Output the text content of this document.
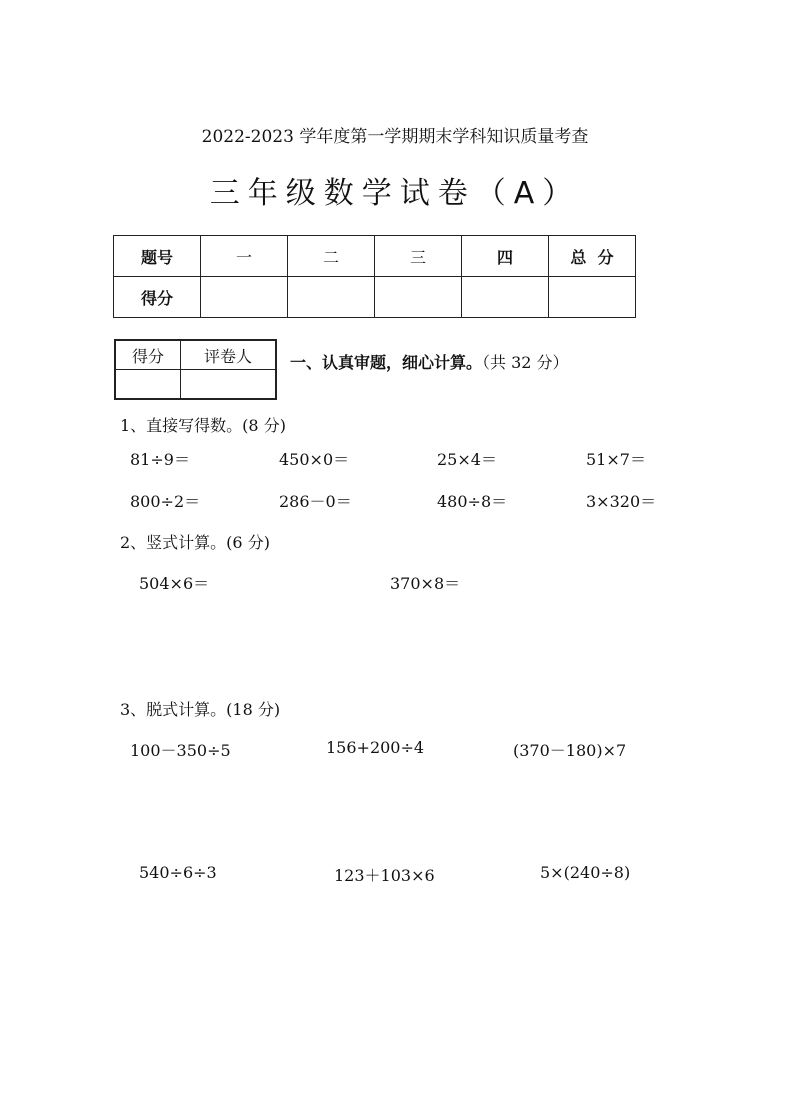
2022-2023 学年度第一学期期末学科知识质量考查
三年级数学试卷（A）
题号	一	二	三	四	总  分
得分					
得分	评卷人
	一、认真审题，细心计算。（共 32 分）
1、直接写得数。(8 分)
81÷9＝	450×0＝	25×4＝	51×7＝
800÷2＝	286－0＝	480÷8＝	3×320＝
2、竖式计算。(6 分)
504×6＝	370×8＝
3、脱式计算。(18 分)
100－350÷5	156+200÷4	(370－180)×7
540÷6÷3	123＋103×6	5×(240÷8)
